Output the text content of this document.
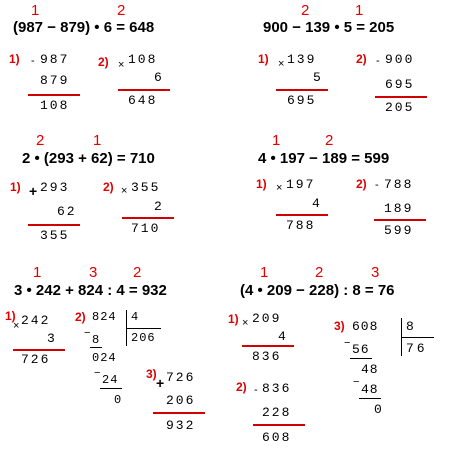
1	2
(987 − 879) • 6 = 648
1) - 987
879
108
2) × 108
6
648
2	1
900 − 139 • 5 = 205
1) × 139
5
695
2) - 900
695
205
2	1
2 • (293 + 62) = 710
1) + 293
62
355
2) × 355
2
710
1	2
4 • 197 − 189 = 599
1) × 197
4
788
2) - 788
189
599
1	3 2
3 • 242 + 824 : 4 = 932
1)
× 242
3
726
2) 824 4
206
− 8
024
− 24
0
3)
+ 726
206
932
1	2	3
(4 • 209 − 228) : 8 = 76
1) × 209
4
836
2) - 836
228
608
3) 608 8
76
− 56
48
− 48
0
